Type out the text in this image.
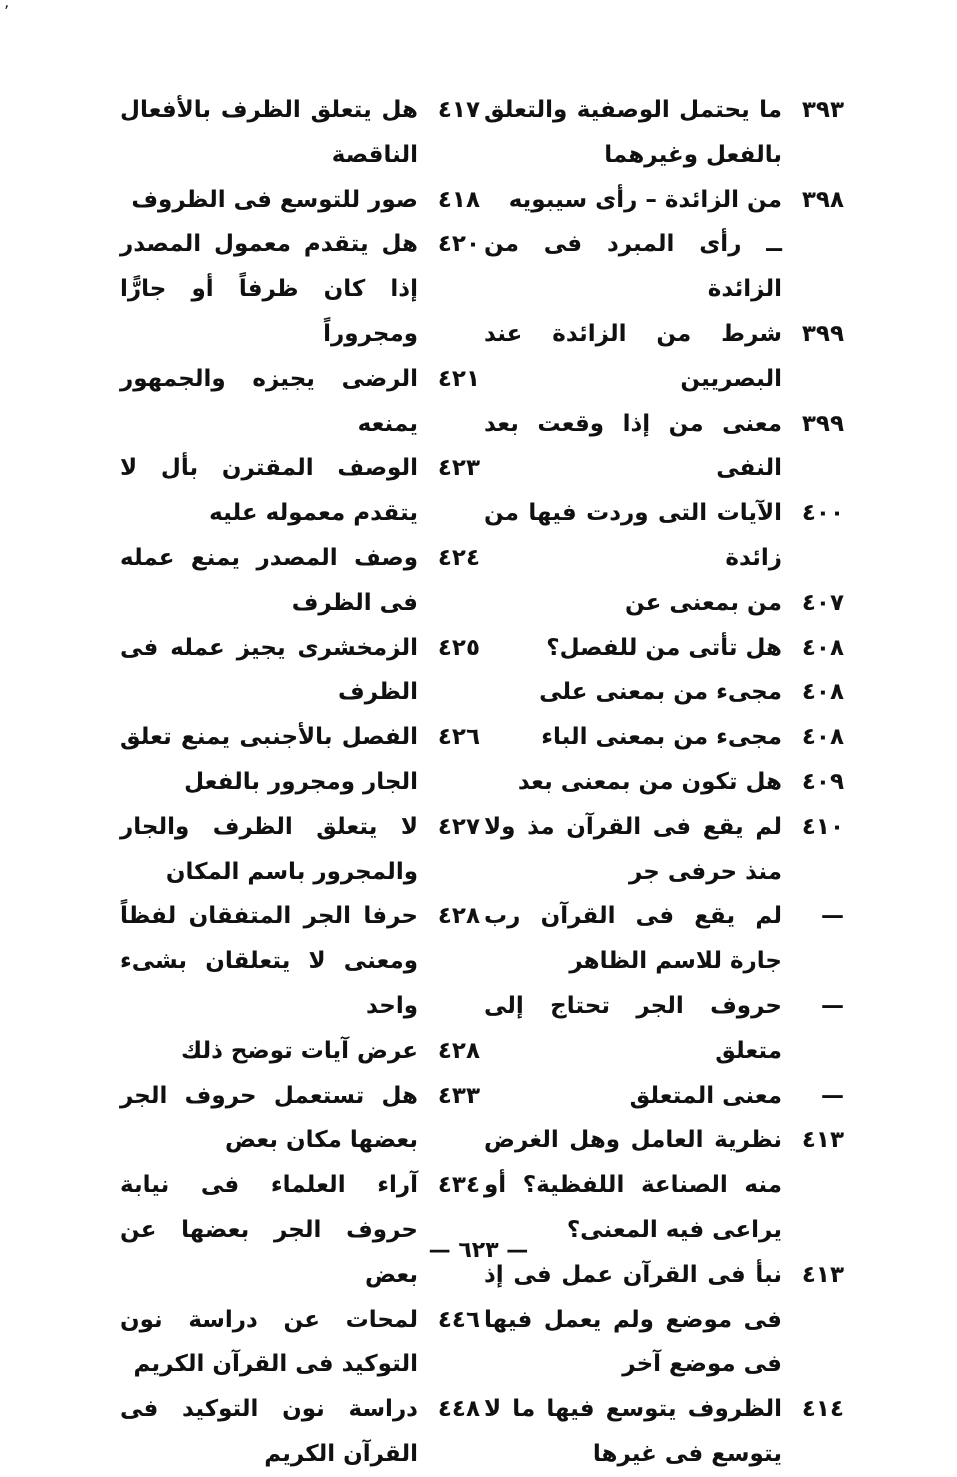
٣٩٣
ما يحتمل الوصفية والتعلق بالفعل وغيرهما
٣٩٨
من الزائدة – رأى سيبويه
ــ رأى المبرد فى من الزائدة
٣٩٩
شرط من الزائدة عند البصريين
٣٩٩
معنى من إذا وقعت بعد النفى
٤٠٠
الآيات التى وردت فيها من زائدة
٤٠٧
من بمعنى عن
٤٠٨
هل تأتى من للفصل؟
٤٠٨
مجىء من بمعنى على
٤٠٨
مجىء من بمعنى الباء
٤٠٩
هل تكون من بمعنى بعد
٤١٠
لم يقع فى القرآن مذ ولا منذ حرفى جر
—
لم يقع فى القرآن رب جارة للاسم الظاهر
—
حروف الجر تحتاج إلى متعلق
—
معنى المتعلق
٤١٣
نظرية العامل وهل الغرض منه الصناعة اللفظية؟ أو يراعى فيه المعنى؟
٤١٣
نبأ فى القرآن عمل فى إذ فى موضع ولم يعمل فيها فى موضع آخر
٤١٤
الظروف يتوسع فيها ما لا يتوسع فى غيرها
٤١٧
هل يتعلق الظرف بالأفعال الناقصة
٤١٨
صور للتوسع فى الظروف
٤٢٠
هل يتقدم معمول المصدر إذا كان ظرفاً أو جارًّا ومجروراً
٤٢١
الرضى يجيزه والجمهور يمنعه
٤٢٣
الوصف المقترن بأل لا يتقدم معموله عليه
٤٢٤
وصف المصدر يمنع عمله فى الظرف
٤٢٥
الزمخشرى يجيز عمله فى الظرف
٤٢٦
الفصل بالأجنبى يمنع تعلق الجار ومجرور بالفعل
٤٢٧
لا يتعلق الظرف والجار والمجرور باسم المكان
٤٢٨
حرفا الجر المتفقان لفظاً ومعنى لا يتعلقان بشىء واحد
٤٢٨
عرض آيات توضح ذلك
٤٣٣
هل تستعمل حروف الجر بعضها مكان بعض
٤٣٤
آراء العلماء فى نيابة حروف الجر بعضها عن بعض
٤٤٦
لمحات عن دراسة نون التوكيد فى القرآن الكريم
٤٤٨
دراسة نون التوكيد فى القرآن الكريم
— ٦٢٣ —
ʼ
